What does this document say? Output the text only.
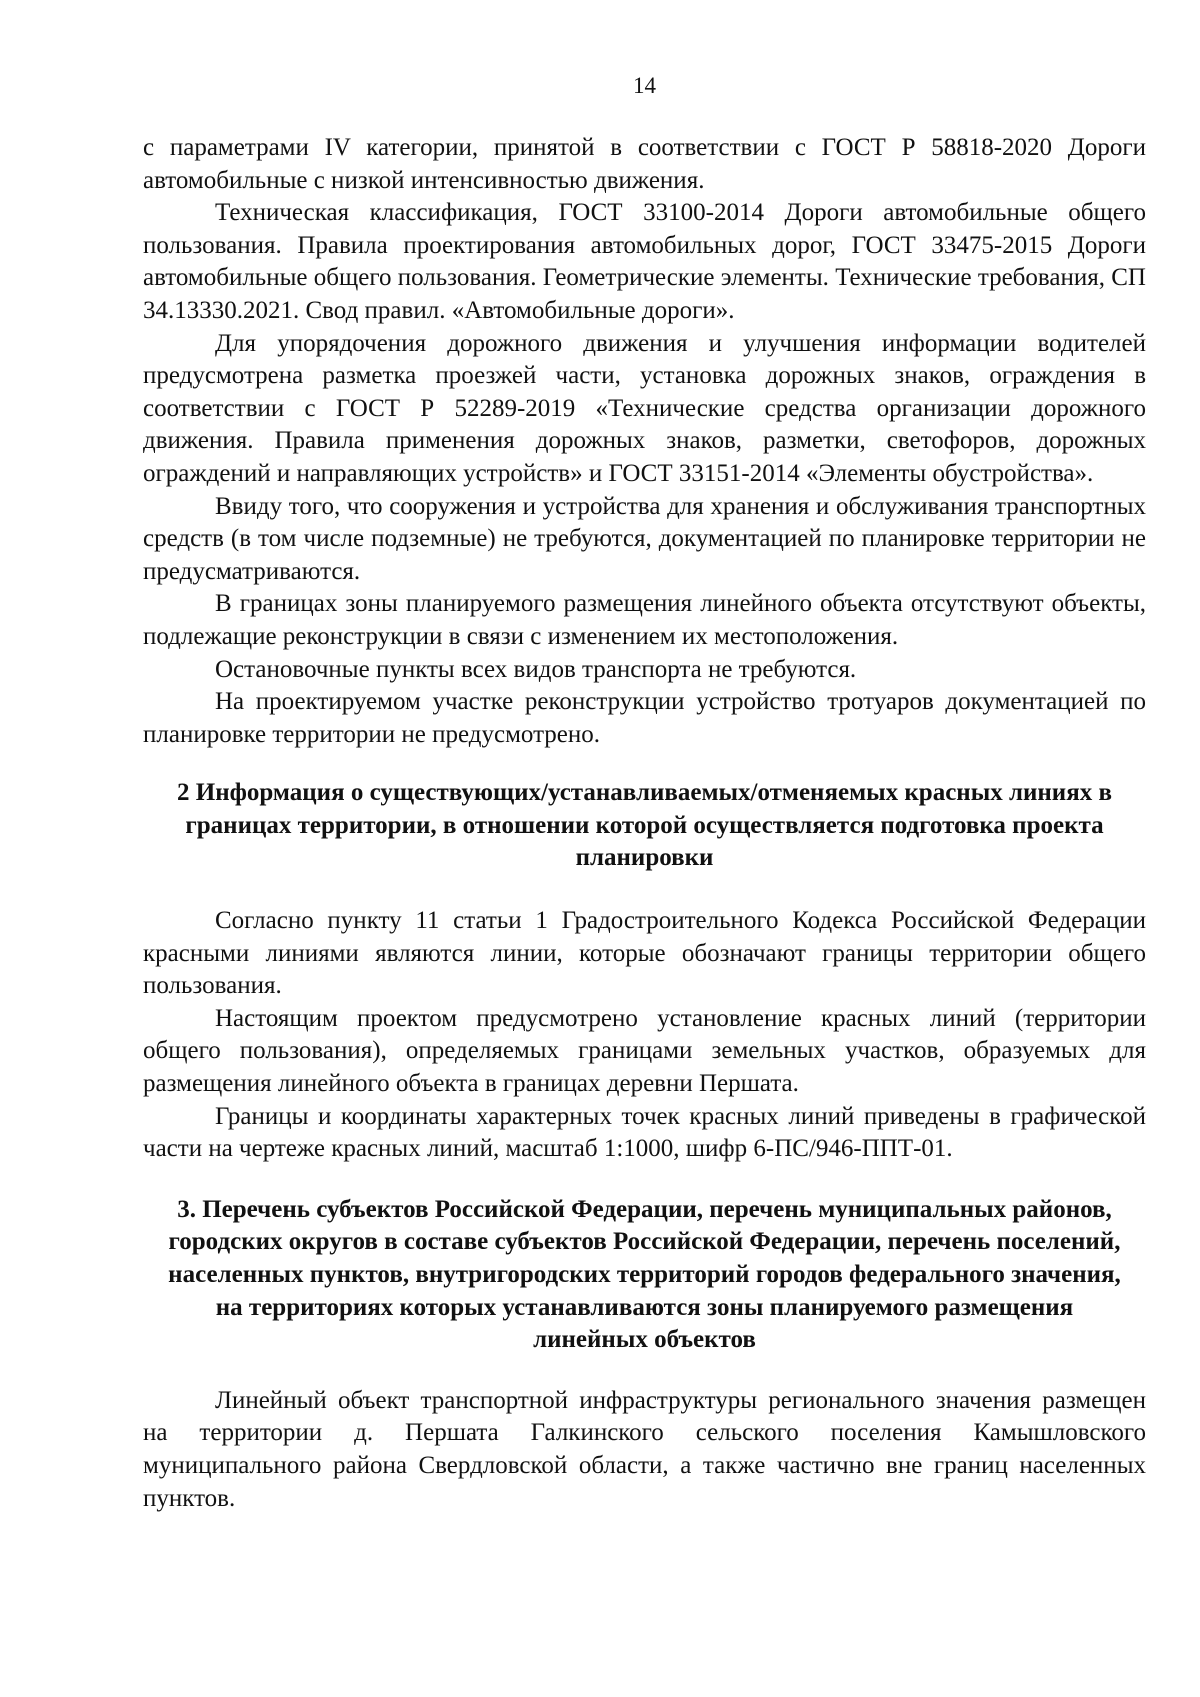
14

с параметрами IV категории, принятой в соответствии с ГОСТ Р 58818-2020 Дороги автомобильные с низкой интенсивностью движения.

Техническая классификация, ГОСТ 33100-2014 Дороги автомобильные общего пользования. Правила проектирования автомобильных дорог, ГОСТ 33475-2015 Дороги автомобильные общего пользования. Геометрические элементы. Технические требования, СП 34.13330.2021. Свод правил. «Автомобильные дороги».

Для упорядочения дорожного движения и улучшения информации водителей предусмотрена разметка проезжей части, установка дорожных знаков, ограждения в соответствии с ГОСТ Р 52289-2019 «Технические средства организации дорожного движения. Правила применения дорожных знаков, разметки, светофоров, дорожных ограждений и направляющих устройств» и ГОСТ 33151-2014 «Элементы обустройства».

Ввиду того, что сооружения и устройства для хранения и обслуживания транспортных средств (в том числе подземные) не требуются, документацией по планировке территории не предусматриваются.

В границах зоны планируемого размещения линейного объекта отсутствуют объекты, подлежащие реконструкции в связи с изменением их местоположения.

Остановочные пункты всех видов транспорта не требуются.

На проектируемом участке реконструкции устройство тротуаров документацией по планировке территории не предусмотрено.

2 Информация о существующих/устанавливаемых/отменяемых красных линиях в границах территории, в отношении которой осуществляется подготовка проекта планировки

Согласно пункту 11 статьи 1 Градостроительного Кодекса Российской Федерации красными линиями являются линии, которые обозначают границы территории общего пользования.

Настоящим проектом предусмотрено установление красных линий (территории общего пользования), определяемых границами земельных участков, образуемых для размещения линейного объекта в границах деревни Першата.

Границы и координаты характерных точек красных линий приведены в графической части на чертеже красных линий, масштаб 1:1000, шифр 6-ПС/946-ППТ-01.

3. Перечень субъектов Российской Федерации, перечень муниципальных районов, городских округов в составе субъектов Российской Федерации, перечень поселений, населенных пунктов, внутригородских территорий городов федерального значения, на территориях которых устанавливаются зоны планируемого размещения линейных объектов

Линейный объект транспортной инфраструктуры регионального значения размещен на территории д. Першата Галкинского сельского поселения Камышловского муниципального района Свердловской области, а также частично вне границ населенных пунктов.
